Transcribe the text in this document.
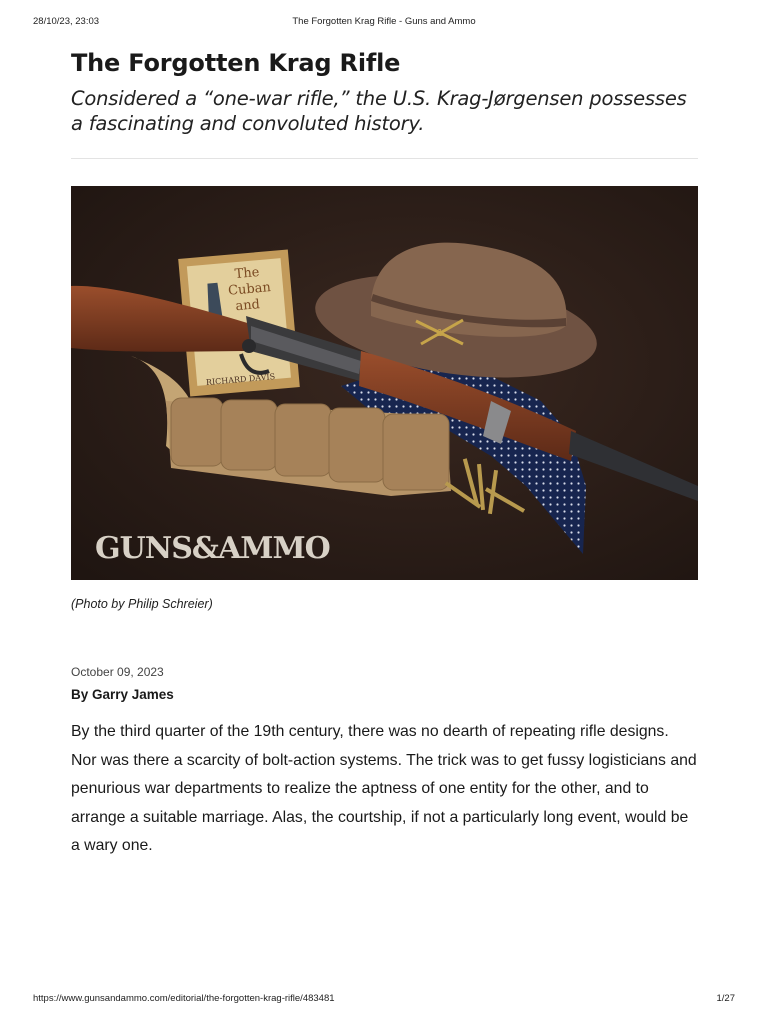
28/10/23, 23:03	The Forgotten Krag Rifle - Guns and Ammo
The Forgotten Krag Rifle

Considered a “one-war rifle,” the U.S. Krag-Jørgensen possesses a fascinating and convoluted history.

1
The
Cuban
and
RICHARD DAVIS
GUNS&AMMO
(Photo by Philip Schreier)
October 09, 2023
By Garry James
By the third quarter of the 19th century, there was no dearth of repeating rifle designs. Nor was there a scarcity of bolt-action systems. The trick was to get fussy logisticians and penurious war departments to realize the aptness of one entity for the other, and to arrange a suitable marriage. Alas, the courtship, if not a particularly long event, would be a wary one.
https://www.gunsandammo.com/editorial/the-forgotten-krag-rifle/483481	1/27
